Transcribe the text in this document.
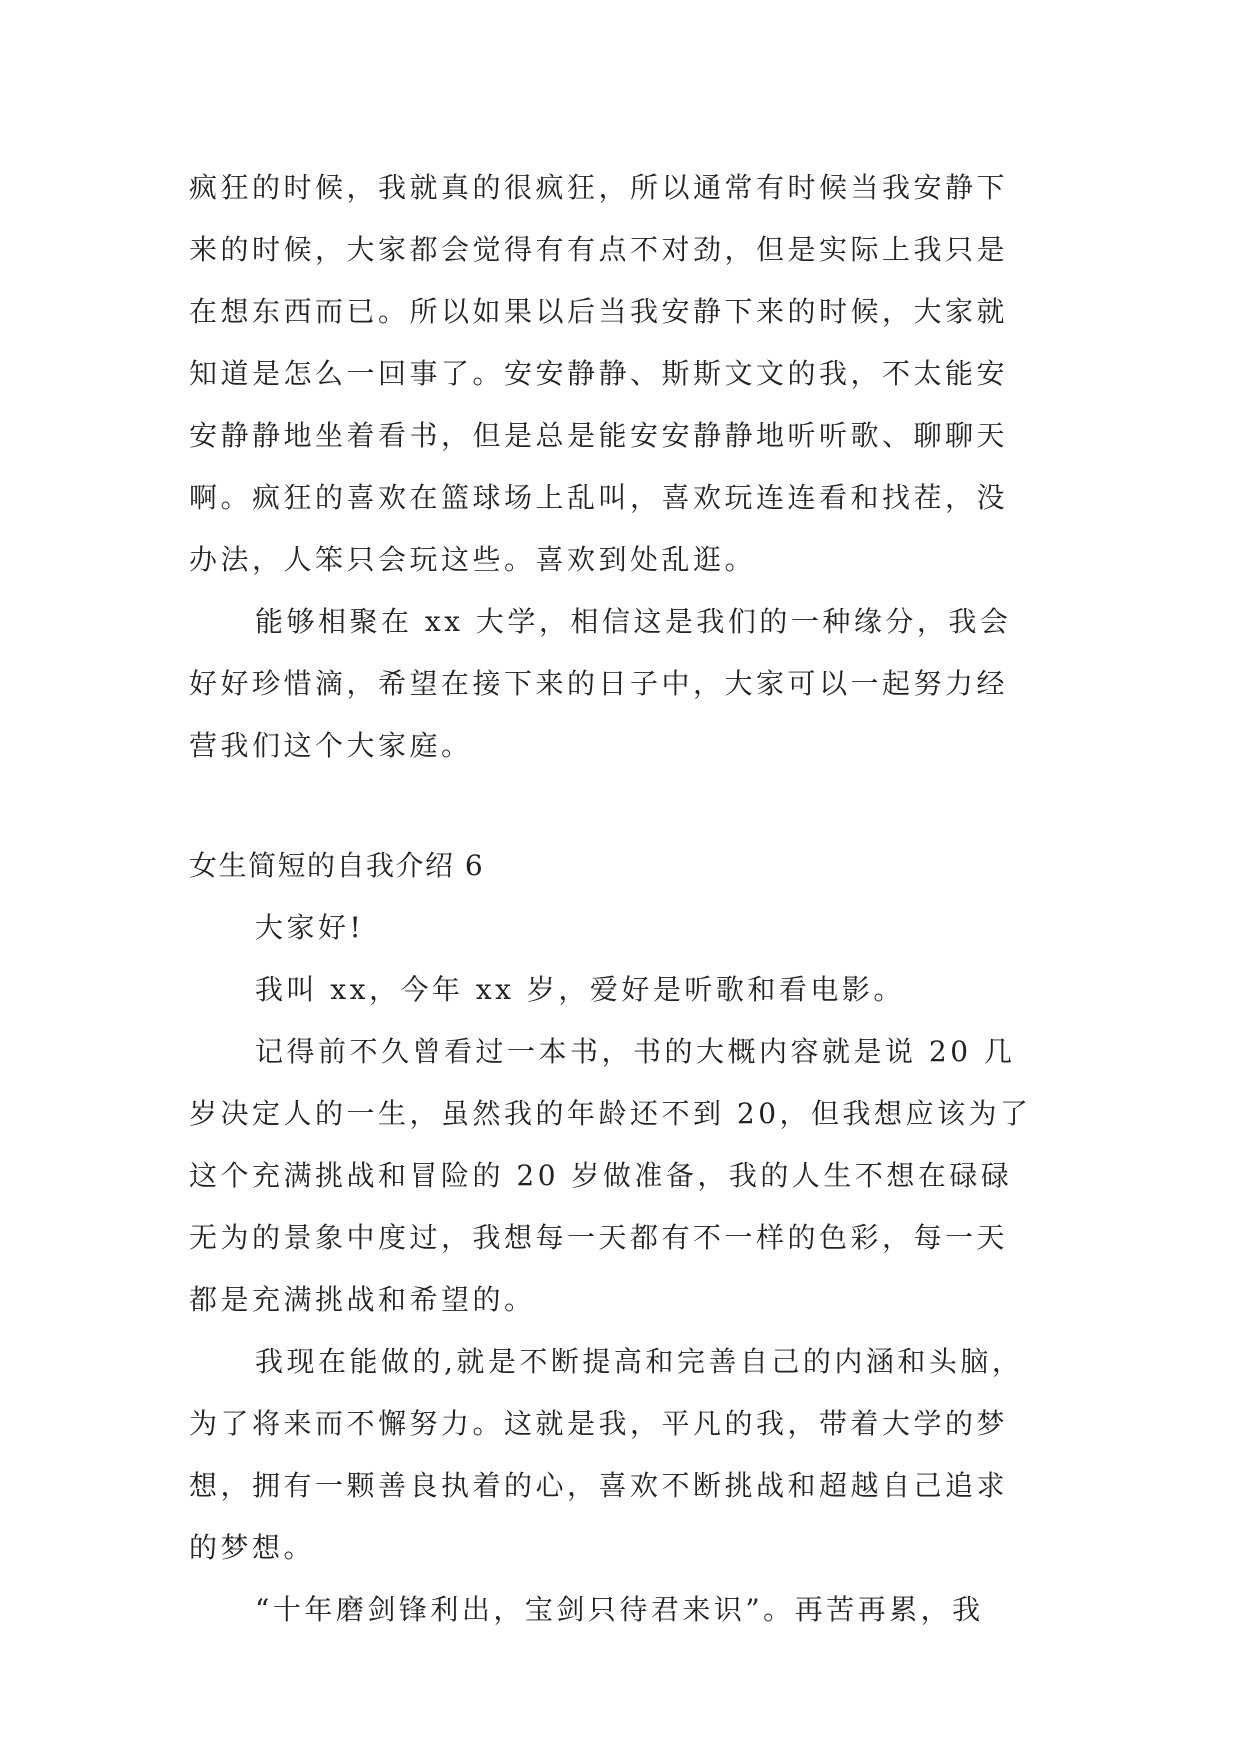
疯狂的时候，我就真的很疯狂，所以通常有时候当我安静下
来的时候，大家都会觉得有有点不对劲，但是实际上我只是
在想东西而已。所以如果以后当我安静下来的时候，大家就
知道是怎么一回事了。安安静静、斯斯文文的我，不太能安
安静静地坐着看书，但是总是能安安静静地听听歌、聊聊天
啊。疯狂的喜欢在篮球场上乱叫，喜欢玩连连看和找茬，没
办法，人笨只会玩这些。喜欢到处乱逛。
能够相聚在 xx 大学，相信这是我们的一种缘分，我会
好好珍惜滴，希望在接下来的日子中，大家可以一起努力经
营我们这个大家庭。
女生简短的自我介绍 6
大家好!
我叫 xx，今年 xx 岁，爱好是听歌和看电影。
记得前不久曾看过一本书，书的大概内容就是说 20 几
岁决定人的一生，虽然我的年龄还不到 20，但我想应该为了
这个充满挑战和冒险的 20 岁做准备，我的人生不想在碌碌
无为的景象中度过，我想每一天都有不一样的色彩，每一天
都是充满挑战和希望的。
我现在能做的,就是不断提高和完善自己的内涵和头脑，
为了将来而不懈努力。这就是我，平凡的我，带着大学的梦
想，拥有一颗善良执着的心，喜欢不断挑战和超越自己追求
的梦想。
“十年磨剑锋利出，宝剑只待君来识”。再苦再累，我
